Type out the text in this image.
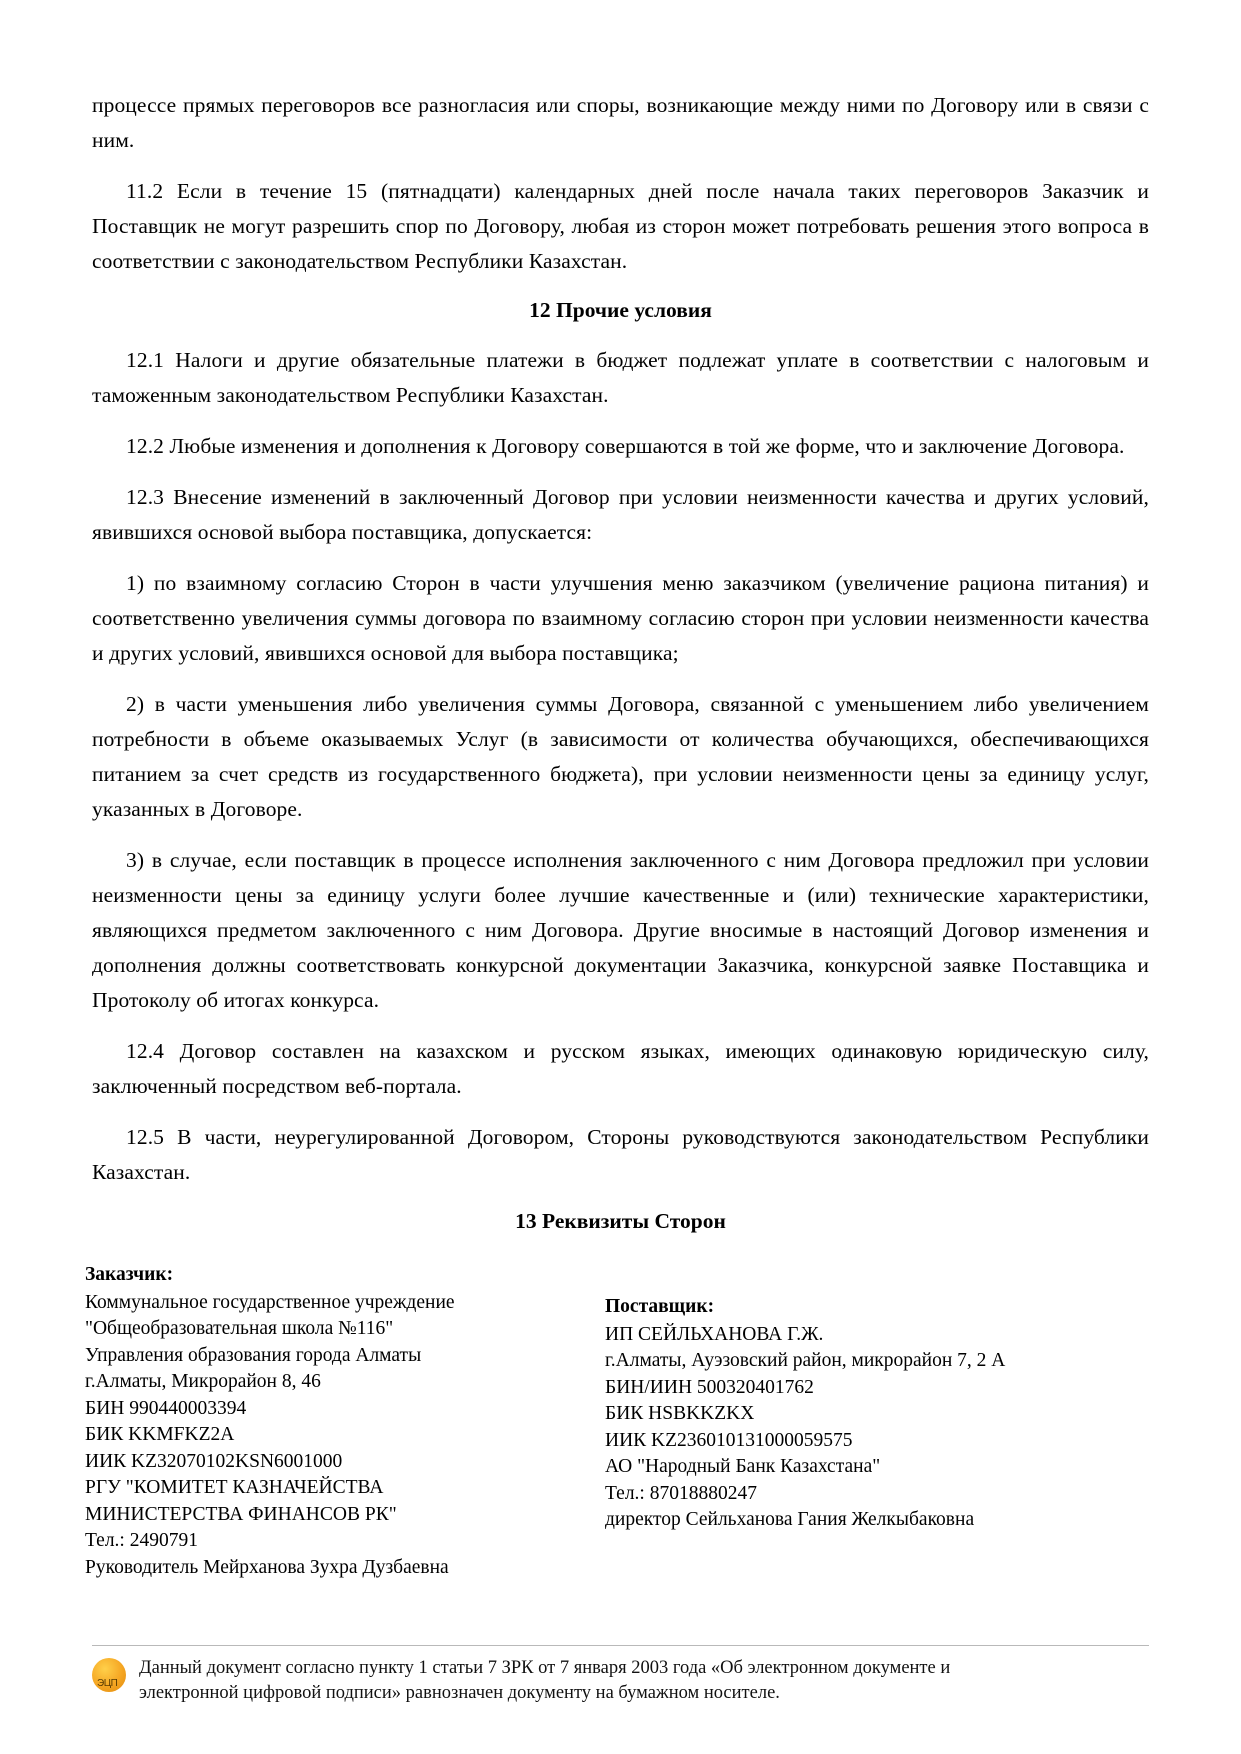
процессе прямых переговоров все разногласия или споры, возникающие между ними по Договору или в связи с ним.

11.2 Если в течение 15 (пятнадцати) календарных дней после начала таких переговоров Заказчик и Поставщик не могут разрешить спор по Договору, любая из сторон может потребовать решения этого вопроса в соответствии с законодательством Республики Казахстан.

12 Прочие условия

12.1 Налоги и другие обязательные платежи в бюджет подлежат уплате в соответствии с налоговым и таможенным законодательством Республики Казахстан.

12.2 Любые изменения и дополнения к Договору совершаются в той же форме, что и заключение Договора.

12.3 Внесение изменений в заключенный Договор при условии неизменности качества и других условий, явившихся основой выбора поставщика, допускается:

1) по взаимному согласию Сторон в части улучшения меню заказчиком (увеличение рациона питания) и соответственно увеличения суммы договора по взаимному согласию сторон при условии неизменности качества и других условий, явившихся основой для выбора поставщика;

2) в части уменьшения либо увеличения суммы Договора, связанной с уменьшением либо увеличением потребности в объеме оказываемых Услуг (в зависимости от количества обучающихся, обеспечивающихся питанием за счет средств из государственного бюджета), при условии неизменности цены за единицу услуг, указанных в Договоре.

3) в случае, если поставщик в процессе исполнения заключенного с ним Договора предложил при условии неизменности цены за единицу услуги более лучшие качественные и (или) технические характеристики, являющихся предметом заключенного с ним Договора. Другие вносимые в настоящий Договор изменения и дополнения должны соответствовать конкурсной документации Заказчика, конкурсной заявке Поставщика и Протоколу об итогах конкурса.

12.4 Договор составлен на казахском и русском языках, имеющих одинаковую юридическую силу, заключенный посредством веб-портала.

12.5 В части, неурегулированной Договором, Стороны руководствуются законодательством Республики Казахстан.

13 Реквизиты Сторон
Заказчик:
Коммунальное государственное учреждение
"Общеобразовательная школа №116"
Управления образования города Алматы
г.Алматы, Микрорайон 8, 46
БИН 990440003394
БИК KKMFKZ2A
ИИК KZ32070102KSN6001000
РГУ "КОМИТЕТ КАЗНАЧЕЙСТВА
МИНИСТЕРСТВА ФИНАНСОВ РК"
Тел.: 2490791
Руководитель Мейрханова Зухра Дузбаевна
Поставщик:
ИП СЕЙЛЬХАНОВА Г.Ж.
г.Алматы, Ауэзовский район, микрорайон 7, 2 А
БИН/ИИН 500320401762
БИК HSBKKZKX
ИИК KZ236010131000059575
АО "Народный Банк Казахстана"
Тел.: 87018880247
директор Сейльханова Гания Желкыбаковна
ЭЦП
Данный документ согласно пункту 1 статьи 7 ЗРК от 7 января 2003 года «Об электронном документе и
электронной цифровой подписи» равнозначен документу на бумажном носителе.
